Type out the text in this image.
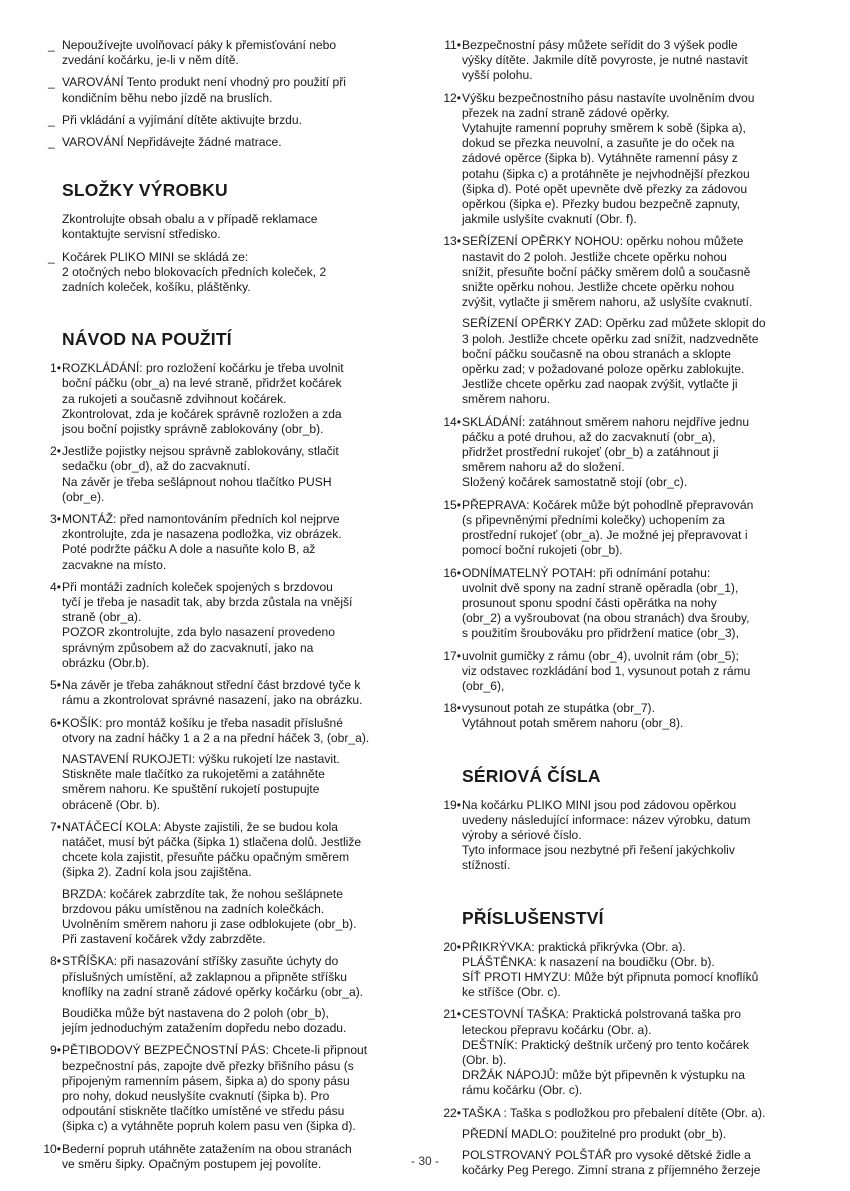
_ Nepoužívejte uvolňovací páky k přemisťování nebo
zvedání kočárku, je-li v něm dítě.
_ VAROVÁNÍ Tento produkt není vhodný pro použití při
kondičním běhu nebo jízdě na bruslích.
_ Při vkládání a vyjímání dítěte aktivujte brzdu.
_ VAROVÁNÍ Nepřidávejte žádné matrace.
SLOŽKY VÝROBKU
Zkontrolujte obsah obalu a v případě reklamace
kontaktujte servisní středisko.
_ Kočárek PLIKO MINI se skládá ze:
2 otočných nebo blokovacích předních koleček, 2
zadních koleček, košíku, pláštěnky.
NÁVOD NA POUŽITÍ
1• ROZKLÁDÁNÍ: pro rozložení kočárku je třeba uvolnit
boční páčku (obr_a) na levé straně, přidržet kočárek
za rukojeti a současně zdvihnout kočárek.
Zkontrolovat, zda je kočárek správně rozložen a zda
jsou boční pojistky správně zablokovány (obr_b).
2• Jestliže pojistky nejsou správně zablokovány, stlačit
sedačku (obr_d), až do zacvaknutí.
Na závěr je třeba sešlápnout nohou tlačítko PUSH
(obr_e).
3• MONTÁŽ: před namontováním předních kol nejprve
zkontrolujte, zda je nasazena podložka, viz obrázek.
Poté podržte páčku A dole a nasuňte kolo B, až
zacvakne na místo.
4• Při montáži zadních koleček spojených s brzdovou
tyčí je třeba je nasadit tak, aby brzda zůstala na vnější
straně (obr_a).
POZOR zkontrolujte, zda bylo nasazení provedeno
správným způsobem až do zacvaknutí, jako na
obrázku (Obr.b).
5• Na závěr je třeba zaháknout střední část brzdové tyče k
rámu a zkontrolovat správné nasazení, jako na obrázku.
6• KOŠÍK: pro montáž košíku je třeba nasadit příslušné
otvory na zadní háčky 1 a 2 a na přední háček 3, (obr_a).
NASTAVENÍ RUKOJETI: výšku rukojetí lze nastavit.
Stiskněte male tlačítko za rukojetěmi a zatáhněte
směrem nahoru. Ke spuštění rukojetí postupujte
obráceně (Obr. b).
7• NATÁČECÍ KOLA: Abyste zajistili, že se budou kola
natáčet, musí být páčka (šipka 1) stlačena dolů. Jestliže
chcete kola zajistit, přesuňte páčku opačným směrem
(šipka 2). Zadní kola jsou zajištěna.
BRZDA: kočárek zabrzdíte tak, že nohou sešlápnete
brzdovou páku umístěnou na zadních kolečkách.
Uvolněním směrem nahoru ji zase odblokujete (obr_b).
Při zastavení kočárek vždy zabrzděte.
8• STŘÍŠKA: při nasazování stříšky zasuňte úchyty do
příslušných umístění, až zaklapnou a připněte stříšku
knoflíky na zadní straně zádové opěrky kočárku (obr_a).
Boudička může být nastavena do 2 poloh (obr_b),
jejím jednoduchým zatažením dopředu nebo dozadu.
9• PĚTIBODOVÝ BEZPEČNOSTNÍ PÁS: Chcete-li připnout
bezpečnostní pás, zapojte dvě přezky břišního pásu (s
připojeným ramenním pásem, šipka a) do spony pásu
pro nohy, dokud neuslyšíte cvaknutí (šipka b). Pro
odpoutání stiskněte tlačítko umístěné ve středu pásu
(šipka c) a vytáhněte popruh kolem pasu ven (šipka d).
10• Bederní popruh utáhněte zatažením na obou stranách
ve směru šipky. Opačným postupem jej povolíte.
11• Bezpečnostní pásy můžete seřídit do 3 výšek podle
výšky dítěte. Jakmile dítě povyroste, je nutné nastavit
vyšší polohu.
12• Výšku bezpečnostního pásu nastavíte uvolněním dvou
přezek na zadní straně zádové opěrky.
Vytahujte ramenní popruhy směrem k sobě (šipka a),
dokud se přezka neuvolní, a zasuňte je do oček na
zádové opěrce (šipka b). Vytáhněte ramenní pásy z
potahu (šipka c) a protáhněte je nejvhodnější přezkou
(šipka d). Poté opět upevněte dvě přezky za zádovou
opěrkou (šipka e). Přezky budou bezpečně zapnuty,
jakmile uslyšíte cvaknutí (Obr. f).
13• SEŘÍZENÍ OPĚRKY NOHOU: opěrku nohou můžete
nastavit do 2 poloh. Jestliže chcete opěrku nohou
snížit, přesuňte boční páčky směrem dolů a současně
snižte opěrku nohou. Jestliže chcete opěrku nohou
zvýšit, vytlačte ji směrem nahoru, až uslyšíte cvaknutí.
SEŘÍZENÍ OPĚRKY ZAD: Opěrku zad můžete sklopit do
3 poloh. Jestliže chcete opěrku zad snížit, nadzvedněte
boční páčku současně na obou stranách a sklopte
opěrku zad; v požadované poloze opěrku zablokujte.
Jestliže chcete opěrku zad naopak zvýšit, vytlačte ji
směrem nahoru.
14• SKLÁDÁNÍ: zatáhnout směrem nahoru nejdříve jednu
páčku a poté druhou, až do zacvaknutí (obr_a),
přidržet prostřední rukojeť (obr_b) a zatáhnout ji
směrem nahoru až do složení.
Složený kočárek samostatně stojí (obr_c).
15• PŘEPRAVA: Kočárek může být pohodlně přepravován
(s připevněnými předními kolečky) uchopením za
prostřední rukojeť (obr_a). Je možné jej přepravovat i
pomocí boční rukojeti (obr_b).
16• ODNÍMATELNÝ POTAH: při odnímání potahu:
uvolnit dvě spony na zadní straně opěradla (obr_1),
prosunout sponu spodní části opěrátka na nohy
(obr_2) a vyšroubovat (na obou stranách) dva šrouby,
s použitím šroubováku pro přidržení matice (obr_3),
17• uvolnit gumičky z rámu (obr_4), uvolnit rám (obr_5);
viz odstavec rozkládání bod 1, vysunout potah z rámu
(obr_6),
18• vysunout potah ze stupátka (obr_7).
Vytáhnout potah směrem nahoru (obr_8).
SÉRIOVÁ ČÍSLA
19• Na kočárku PLIKO MINI jsou pod zádovou opěrkou
uvedeny následující informace: název výrobku, datum
výroby a sériové číslo.
Tyto informace jsou nezbytné při řešení jakýchkoliv
stížností.
PŘÍSLUŠENSTVÍ
20• PŘIKRÝVKA: praktická přikrývka (Obr. a).
PLÁŠTĚNKA: k nasazení na boudičku (Obr. b).
SÍŤ PROTI HMYZU: Může být připnuta pomocí knoflíků
ke stříšce (Obr. c).
21• CESTOVNÍ TAŠKA: Praktická polstrovaná taška pro
leteckou přepravu kočárku (Obr. a).
DEŠTNÍK: Praktický deštník určený pro tento kočárek
(Obr. b).
DRŽÁK NÁPOJŮ: může být připevněn k výstupku na
rámu kočárku (Obr. c).
22• TAŠKA : Taška s podložkou pro přebalení dítěte (Obr. a).
PŘEDNÍ MADLO: použitelné pro produkt (obr_b).
POLSTROVANÝ POLŠTÁŘ pro vysoké dětské židle a
kočárky Peg Perego. Zimní strana z příjemného žerzeje
- 30 -
